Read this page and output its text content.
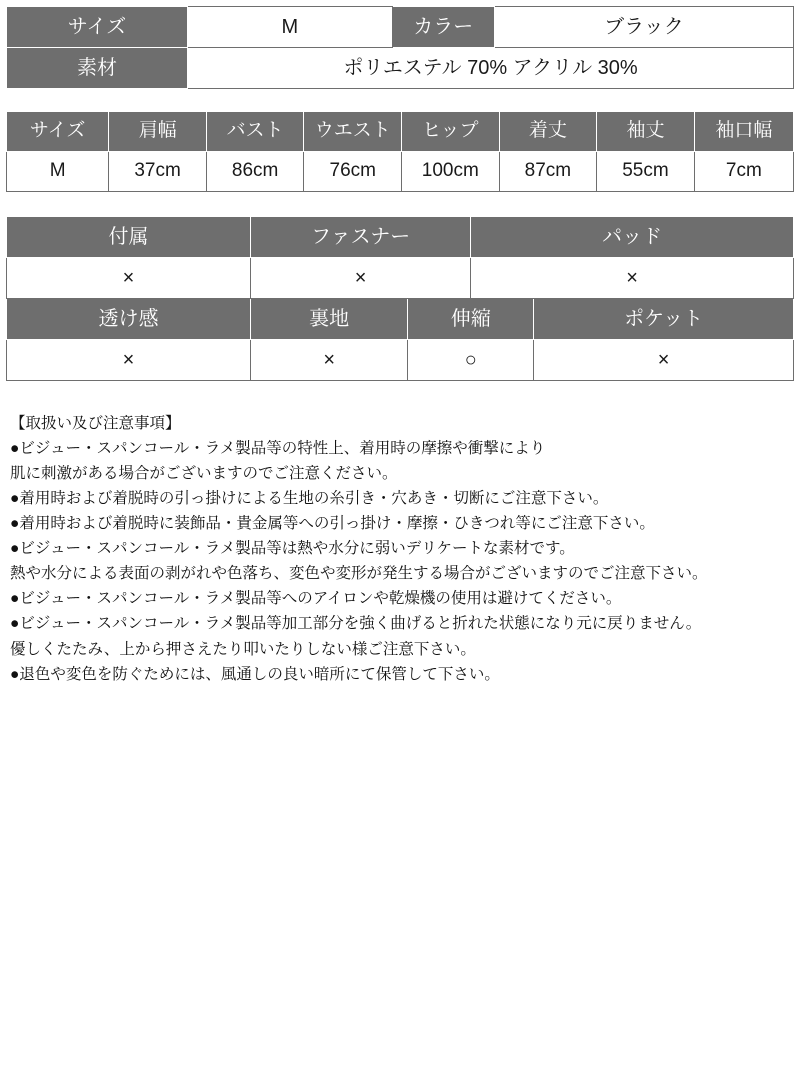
サイズ	M	カラー	ブラック
素材	ポリエステル 70% アクリル 30%		
サイズ	肩幅	バスト	ウエスト	ヒップ	着丈	袖丈	袖口幅
M	37cm	86cm	76cm	100cm	87cm	55cm	7cm
付属	ファスナー		パッド	
×	×		×	
透け感	裏地	伸縮		ポケット
×	×	○		×
【取扱い及び注意事項】
●ビジュー・スパンコール・ラメ製品等の特性上、着用時の摩擦や衝撃により
肌に刺激がある場合がございますのでご注意ください。
●着用時および着脱時の引っ掛けによる生地の糸引き・穴あき・切断にご注意下さい。
●着用時および着脱時に装飾品・貴金属等への引っ掛け・摩擦・ひきつれ等にご注意下さい。
●ビジュー・スパンコール・ラメ製品等は熱や水分に弱いデリケートな素材です。
熱や水分による表面の剥がれや色落ち、変色や変形が発生する場合がございますのでご注意下さい。
●ビジュー・スパンコール・ラメ製品等へのアイロンや乾燥機の使用は避けてください。
●ビジュー・スパンコール・ラメ製品等加工部分を強く曲げると折れた状態になり元に戻りません。
優しくたたみ、上から押さえたり叩いたりしない様ご注意下さい。
●退色や変色を防ぐためには、風通しの良い暗所にて保管して下さい。
